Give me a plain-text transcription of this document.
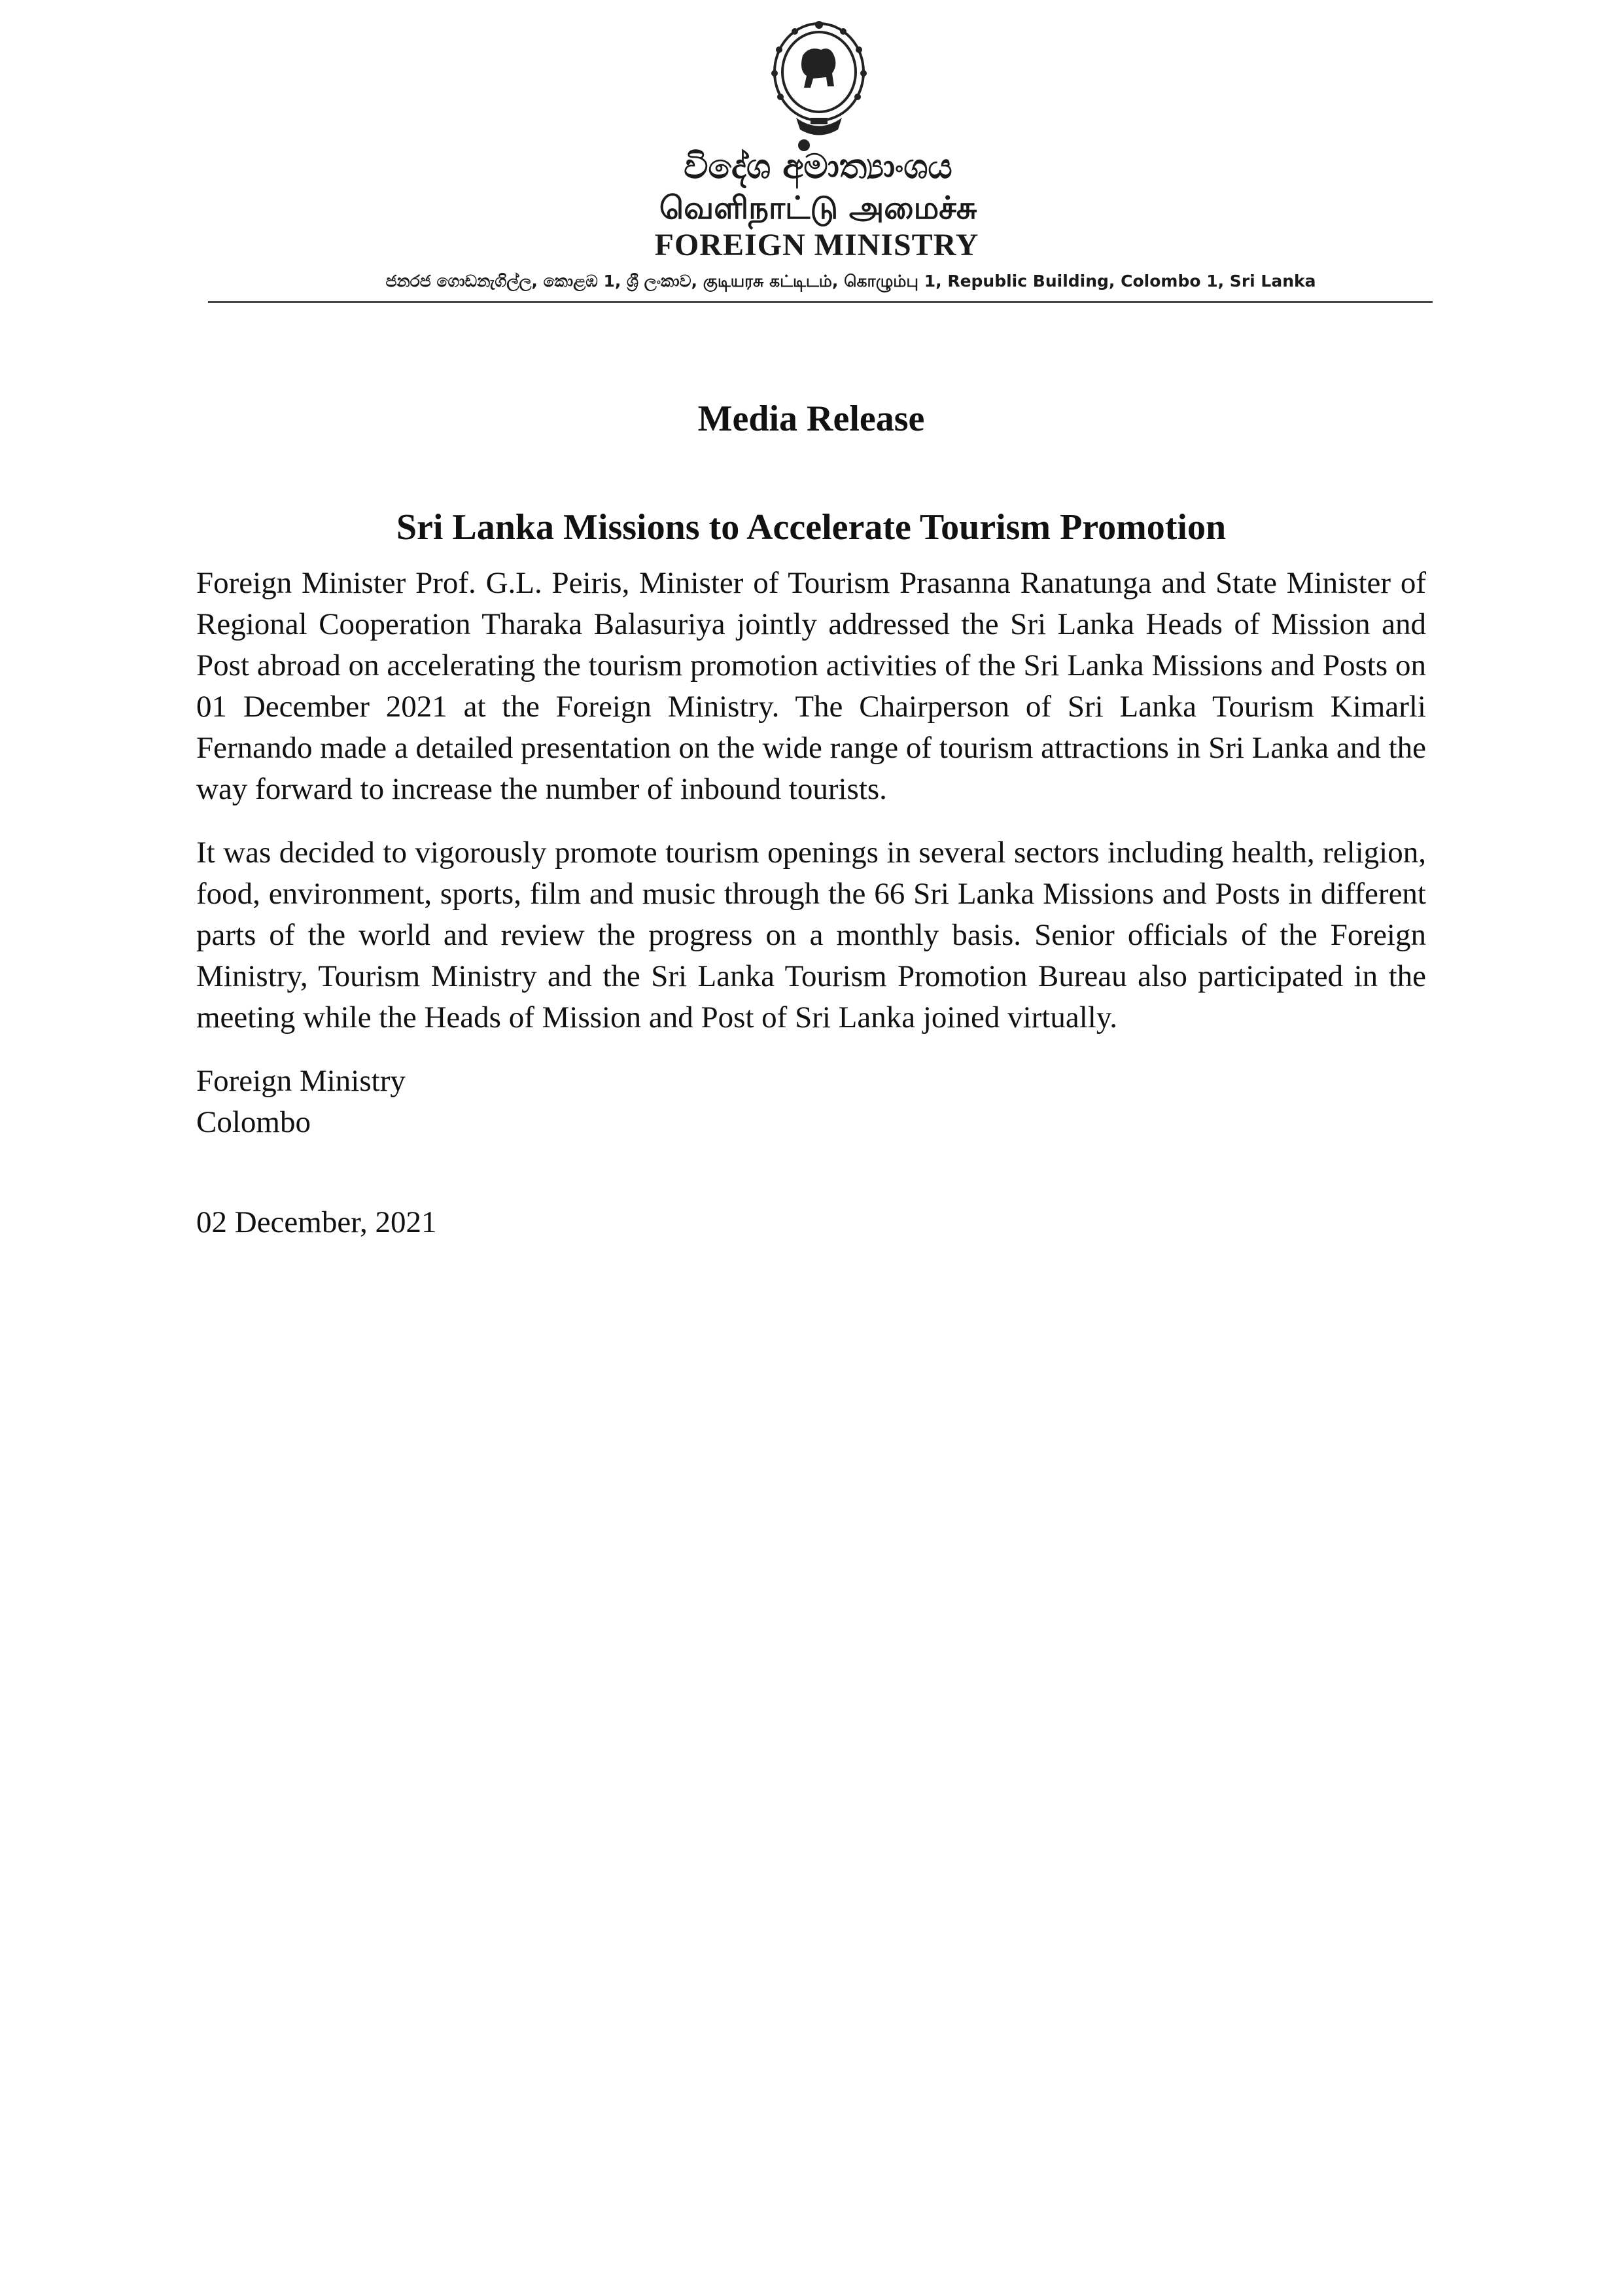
විදේශ අමාත්‍යාංශය
வெளிநாட்டு அமைச்சு
FOREIGN MINISTRY
ජනරජ ගොඩනැගිල්ල, කොළඹ 1, ශ්‍රී ලංකාව, குடியரசு கட்டிடம், கொழும்பு 1, Republic Building, Colombo 1, Sri Lanka
Media Release
Sri Lanka Missions to Accelerate Tourism Promotion

Foreign Minister Prof. G.L. Peiris, Minister of Tourism Prasanna Ranatunga and State Minister of Regional Cooperation Tharaka Balasuriya jointly addressed the Sri Lanka Heads of Mission and Post abroad on accelerating the tourism promotion activities of the Sri Lanka Missions and Posts on 01 December 2021 at the Foreign Ministry. The Chairperson of Sri Lanka Tourism Kimarli Fernando made a detailed presentation on the wide range of tourism attractions in Sri Lanka and the way forward to increase the number of inbound tourists.

It was decided to vigorously promote tourism openings in several sectors including health, religion, food, environment, sports, film and music through the 66 Sri Lanka Missions and Posts in different parts of the world and review the progress on a monthly basis. Senior officials of the Foreign Ministry, Tourism Ministry and the Sri Lanka Tourism Promotion Bureau also participated in the meeting while the Heads of Mission and Post of Sri Lanka joined virtually.

Foreign Ministry
Colombo
02 December, 2021
